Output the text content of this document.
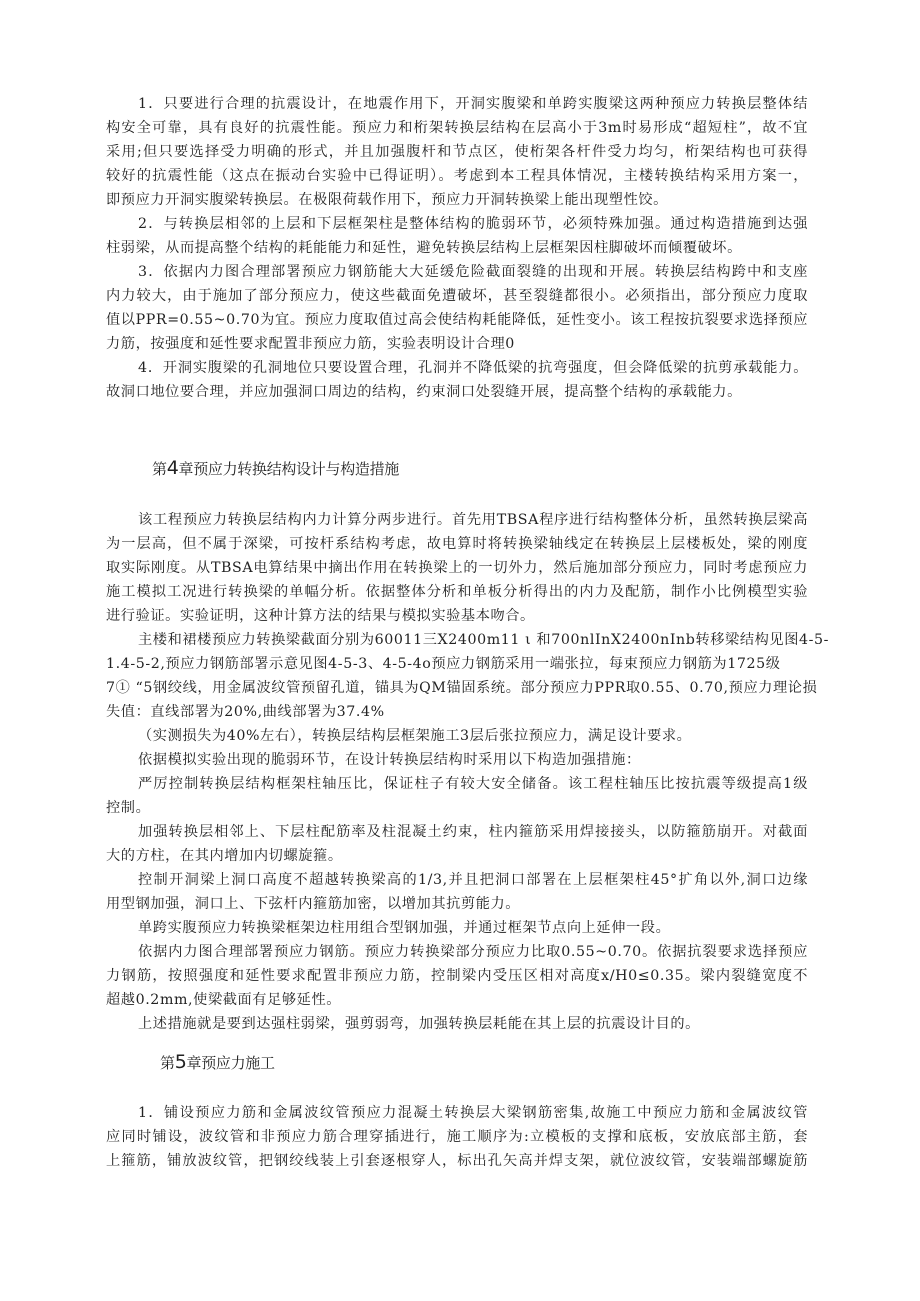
1．只要进行合理的抗震设计，在地震作用下，开洞实腹梁和单跨实腹梁这两种预应力转换层整体结
构安全可靠，具有良好的抗震性能。预应力和桁架转换层结构在层高小于3m时易形成“超短柱”，故不宜
采用;但只要选择受力明确的形式，并且加强腹杆和节点区，使桁架各杆件受力均匀，桁架结构也可获得
较好的抗震性能（这点在振动台实验中已得证明）。考虑到本工程具体情况，主楼转换结构采用方案一，
即预应力开洞实腹梁转换层。在极限荷载作用下，预应力开洞转换梁上能出现塑性饺。
2．与转换层相邻的上层和下层框架柱是整体结构的脆弱环节，必须特殊加强。通过构造措施到达强
柱弱梁，从而提高整个结构的耗能能力和延性，避免转换层结构上层框架因柱脚破坏而倾覆破坏。
3．依据内力图合理部署预应力钢筋能大大延缓危险截面裂缝的出现和开展。转换层结构跨中和支座
内力较大，由于施加了部分预应力，使这些截面免遭破坏，甚至裂缝都很小。必须指出，部分预应力度取
值以PPR=0.55~0.70为宜。预应力度取值过高会使结构耗能降低，延性变小。该工程按抗裂要求选择预应
力筋，按强度和延性要求配置非预应力筋，实验表明设计合理0
4．开洞实腹梁的孔洞地位只要设置合理，孔洞并不降低梁的抗弯强度，但会降低梁的抗剪承载能力。
故洞口地位要合理，并应加强洞口周边的结构，约束洞口处裂缝开展，提高整个结构的承载能力。
第4章预应力转换结构设计与构造措施
该工程预应力转换层结构内力计算分两步进行。首先用TBSA程序进行结构整体分析，虽然转换层梁高
为一层高，但不属于深梁，可按杆系结构考虑，故电算时将转换梁轴线定在转换层上层楼板处，梁的刚度
取实际刚度。从TBSA电算结果中摘出作用在转换梁上的一切外力，然后施加部分预应力，同时考虑预应力
施工模拟工况进行转换梁的单幅分析。依据整体分析和单板分析得出的内力及配筋，制作小比例模型实验
进行验证。实验证明，这种计算方法的结果与模拟实验基本吻合。
主楼和裙楼预应力转换梁截面分别为60011三X2400m11 ι 和700nlInX2400nInb转移梁结构见图4-5-
1.4-5-2,预应力钢筋部署示意见图4-5-3、4-5-4o预应力钢筋采用一端张拉，每束预应力钢筋为1725级
7① “5钢绞线，用金属波纹管预留孔道，锚具为QM锚固系统。部分预应力PPR取0.55、0.70,预应力理论损
失值：直线部署为20%,曲线部署为37.4%
（实测损失为40%左右），转换层结构层框架施工3层后张拉预应力，满足设计要求。
依据模拟实验出现的脆弱环节，在设计转换层结构时采用以下构造加强措施：
严厉控制转换层结构框架柱轴压比，保证柱子有较大安全储备。该工程柱轴压比按抗震等级提高1级
控制。
加强转换层相邻上、下层柱配筋率及柱混凝土约束，柱内箍筋采用焊接接头，以防箍筋崩开。对截面
大的方柱，在其内增加内切螺旋箍。
控制开洞梁上洞口高度不超越转换梁高的1/3,并且把洞口部署在上层框架柱45°扩角以外,洞口边缘
用型钢加强，洞口上、下弦杆内箍筋加密，以增加其抗剪能力。
单跨实腹预应力转换梁框架边柱用组合型钢加强，并通过框架节点向上延伸一段。
依据内力图合理部署预应力钢筋。预应力转换梁部分预应力比取0.55~0.70。依据抗裂要求选择预应
力钢筋，按照强度和延性要求配置非预应力筋，控制梁内受压区相对高度x/H0≤0.35。梁内裂缝宽度不
超越0.2mm,使梁截面有足够延性。
上述措施就是要到达强柱弱梁，强剪弱弯，加强转换层耗能在其上层的抗震设计目的。
第5章预应力施工
1．铺设预应力筋和金属波纹管预应力混凝土转换层大梁钢筋密集,故施工中预应力筋和金属波纹管
应同时铺设，波纹管和非预应力筋合理穿插进行，施工顺序为:立模板的支撑和底板，安放底部主筋，套
上箍筋，铺放波纹管，把钢绞线装上引套逐根穿人，标出孔矢高并焊支架，就位波纹管，安装端部螺旋筋
